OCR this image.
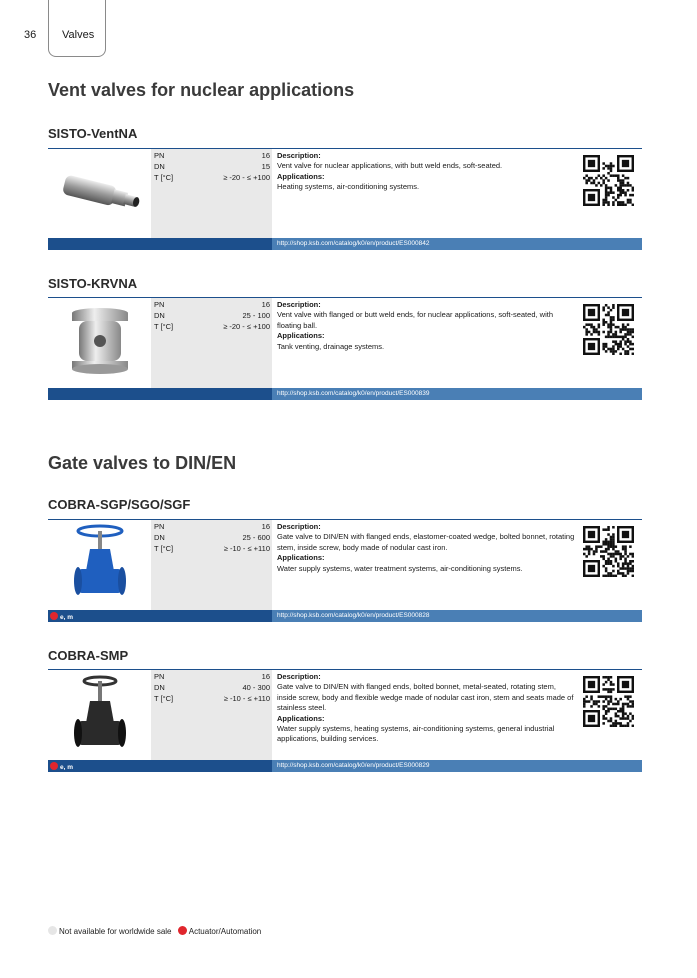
36 Valves
Vent valves for nuclear applications
SISTO-VentNA
PN	16
DN	15
T [°C]	≥ -20 - ≤ +100
Description:

Vent valve for nuclear applications, with butt weld ends, soft-seated.

Applications:

Heating systems, air-conditioning systems.

http://shop.ksb.com/catalog/k0/en/product/ES000842
SISTO-KRVNA
PN	16
DN	25 - 100
T [°C]	≥ -20 - ≤ +100
Description:

Vent valve with flanged or butt weld ends, for nuclear applications, soft-seated, with floating ball.

Applications:

Tank venting, drainage systems.

http://shop.ksb.com/catalog/k0/en/product/ES000839
Gate valves to DIN/EN
COBRA-SGP/SGO/SGF
PN	16
DN	25 - 600
T [°C]	≥ -10 - ≤ +110
Description:

Gate valve to DIN/EN with flanged ends, elastomer-coated wedge, bolted bonnet, rotating stem, inside screw, body made of nodular cast iron.

Applications:

Water supply systems, water treatment systems, air-conditioning systems.

e, m	http://shop.ksb.com/catalog/k0/en/product/ES000828
COBRA-SMP
PN	16
DN	40 - 300
T [°C]	≥ -10 - ≤ +110
Description:

Gate valve to DIN/EN with flanged ends, bolted bonnet, metal-seated, rotating stem, inside screw, body and flexible wedge made of nodular cast iron, stem and seats made of stainless steel.

Applications:

Water supply systems, heating systems, air-conditioning systems, general industrial applications, building services.

e, m	http://shop.ksb.com/catalog/k0/en/product/ES000829
Not available for worldwide sale Actuator/Automation
